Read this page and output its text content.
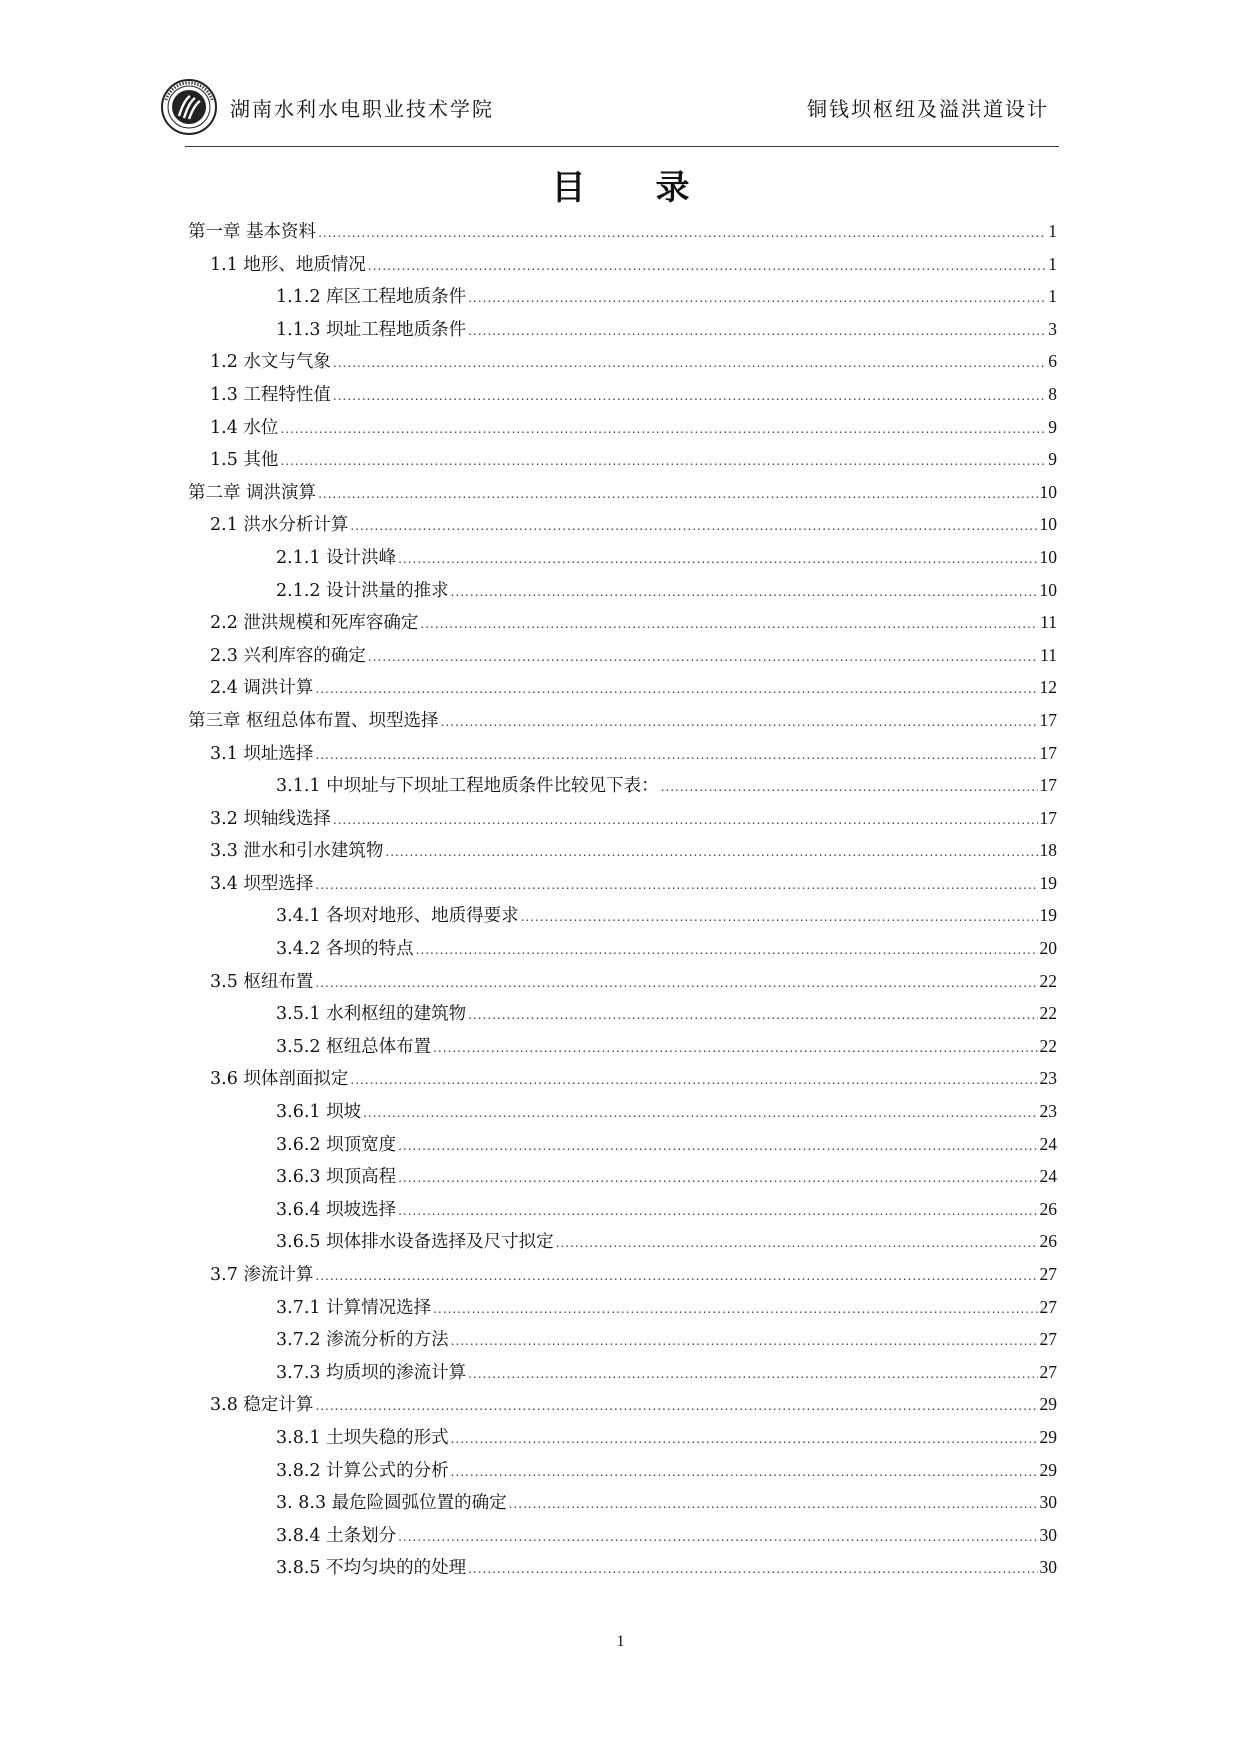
湖南水利水电职业技术学院	铜钱坝枢纽及溢洪道设计
目录
第一章 基本资料 .....	1
1.1 地形、地质情况 .....	1
1.1.2 库区工程地质条件 .....	1
1.1.3 坝址工程地质条件 .....	3
1.2 水文与气象 .....	6
1.3 工程特性值 .....	8
1.4 水位 .....	9
1.5 其他 .....	9
第二章 调洪演算 .....	10
2.1 洪水分析计算 .....	10
2.1.1 设计洪峰 .....	10
2.1.2 设计洪量的推求 .....	10
2.2 泄洪规模和死库容确定 .....	11
2.3 兴利库容的确定 .....	11
2.4 调洪计算 .....	12
第三章 枢纽总体布置、坝型选择 .....	17
3.1 坝址选择 .....	17
3.1.1 中坝址与下坝址工程地质条件比较见下表： .....	17
3.2 坝轴线选择 .....	17
3.3 泄水和引水建筑物 .....	18
3.4 坝型选择 .....	19
3.4.1 各坝对地形、地质得要求 .....	19
3.4.2 各坝的特点 .....	20
3.5 枢纽布置 .....	22
3.5.1 水利枢纽的建筑物 .....	22
3.5.2 枢纽总体布置 .....	22
3.6 坝体剖面拟定 .....	23
3.6.1 坝坡 .....	23
3.6.2 坝顶宽度 .....	24
3.6.3 坝顶高程 .....	24
3.6.4 坝坡选择 .....	26
3.6.5 坝体排水设备选择及尺寸拟定 .....	26
3.7 渗流计算 .....	27
3.7.1 计算情况选择 .....	27
3.7.2 渗流分析的方法 .....	27
3.7.3 均质坝的渗流计算 .....	27
3.8 稳定计算 .....	29
3.8.1 土坝失稳的形式 .....	29
3.8.2 计算公式的分析 .....	29
3. 8.3 最危险圆弧位置的确定 .....	30
3.8.4 土条划分 .....	30
3.8.5 不均匀块的的处理 .....	30
1
